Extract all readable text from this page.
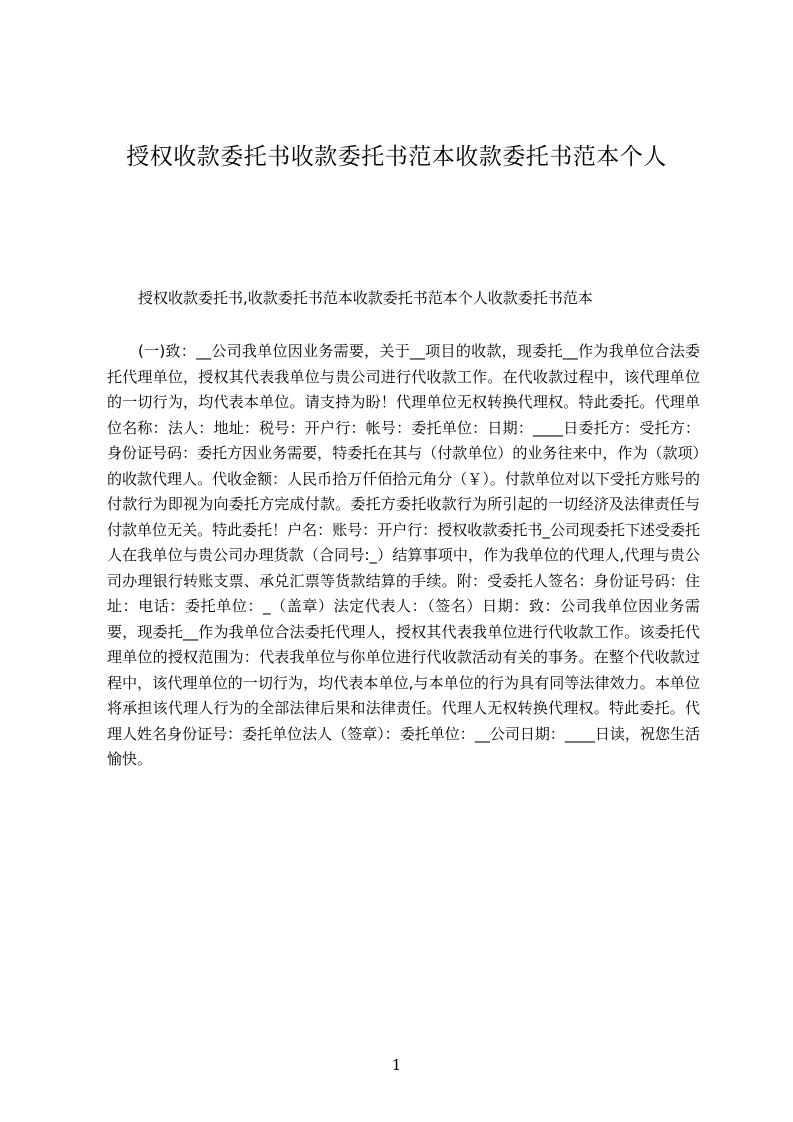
授权收款委托书收款委托书范本收款委托书范本个人

授权收款委托书,收款委托书范本收款委托书范本个人收款委托书范本

(一)致：__公司我单位因业务需要，关于__项目的收款，现委托__作为我单位合法委托代理单位，授权其代表我单位与贵公司进行代收款工作。在代收款过程中，该代理单位的一切行为，均代表本单位。请支持为盼！代理单位无权转换代理权。特此委托。代理单位名称：法人：地址：税号：开户行：帐号：委托单位：日期：____日委托方：受托方：身份证号码：委托方因业务需要，特委托在其与（付款单位）的业务往来中，作为（款项）的收款代理人。代收金额：人民币拾万仟佰拾元角分（￥）。付款单位对以下受托方账号的付款行为即视为向委托方完成付款。委托方委托收款行为所引起的一切经济及法律责任与付款单位无关。特此委托！户名：账号：开户行：授权收款委托书_公司现委托下述受委托人在我单位与贵公司办理货款（合同号:_）结算事项中，作为我单位的代理人,代理与贵公司办理银行转账支票、承兑汇票等货款结算的手续。附：受委托人签名：身份证号码：住址：电话：委托单位：_（盖章）法定代表人：（签名）日期：致：公司我单位因业务需要，现委托__作为我单位合法委托代理人，授权其代表我单位进行代收款工作。该委托代理单位的授权范围为：代表我单位与你单位进行代收款活动有关的事务。在整个代收款过程中，该代理单位的一切行为，均代表本单位,与本单位的行为具有同等法律效力。本单位将承担该代理人行为的全部法律后果和法律责任。代理人无权转换代理权。特此委托。代理人姓名身份证号：委托单位法人（签章）：委托单位：__公司日期：____日读，祝您生活愉快。

1
